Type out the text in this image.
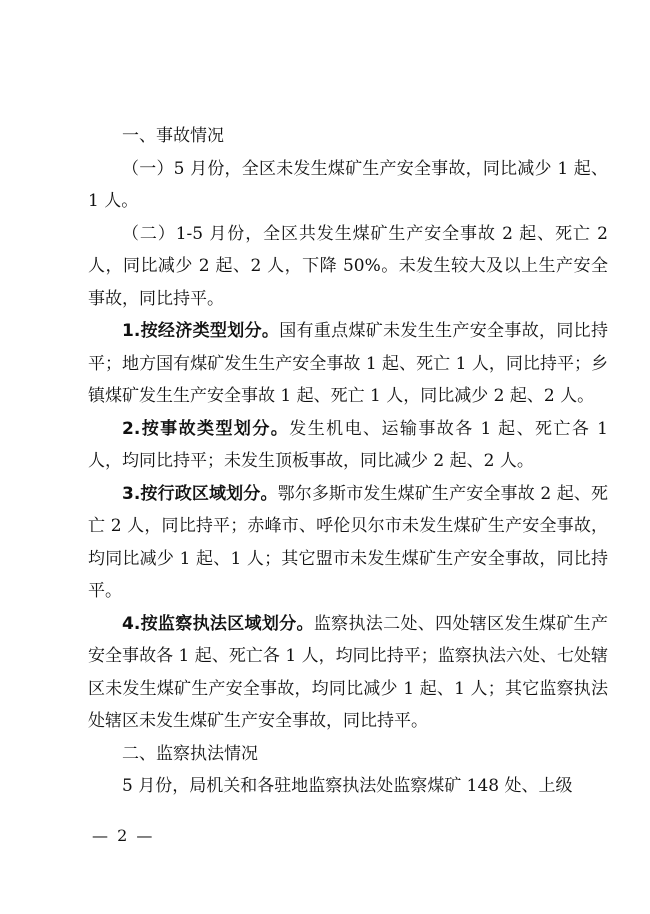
一、事故情况

（一）5 月份，全区未发生煤矿生产安全事故，同比减少 1 起、1 人。

（二）1-5 月份，全区共发生煤矿生产安全事故 2 起、死亡 2 人，同比减少 2 起、2 人，下降 50%。未发生较大及以上生产安全事故，同比持平。

1.按经济类型划分。国有重点煤矿未发生生产安全事故，同比持平；地方国有煤矿发生生产安全事故 1 起、死亡 1 人，同比持平；乡镇煤矿发生生产安全事故 1 起、死亡 1 人，同比减少 2 起、2 人。

2.按事故类型划分。发生机电、运输事故各 1 起、死亡各 1 人，均同比持平；未发生顶板事故，同比减少 2 起、2 人。

3.按行政区域划分。鄂尔多斯市发生煤矿生产安全事故 2 起、死亡 2 人，同比持平；赤峰市、呼伦贝尔市未发生煤矿生产安全事故，均同比减少 1 起、1 人；其它盟市未发生煤矿生产安全事故，同比持平。

4.按监察执法区域划分。监察执法二处、四处辖区发生煤矿生产安全事故各 1 起、死亡各 1 人，均同比持平；监察执法六处、七处辖区未发生煤矿生产安全事故，均同比减少 1 起、1 人；其它监察执法处辖区未发生煤矿生产安全事故，同比持平。

二、监察执法情况

5 月份，局机关和各驻地监察执法处监察煤矿 148 处、上级

— 2 —
